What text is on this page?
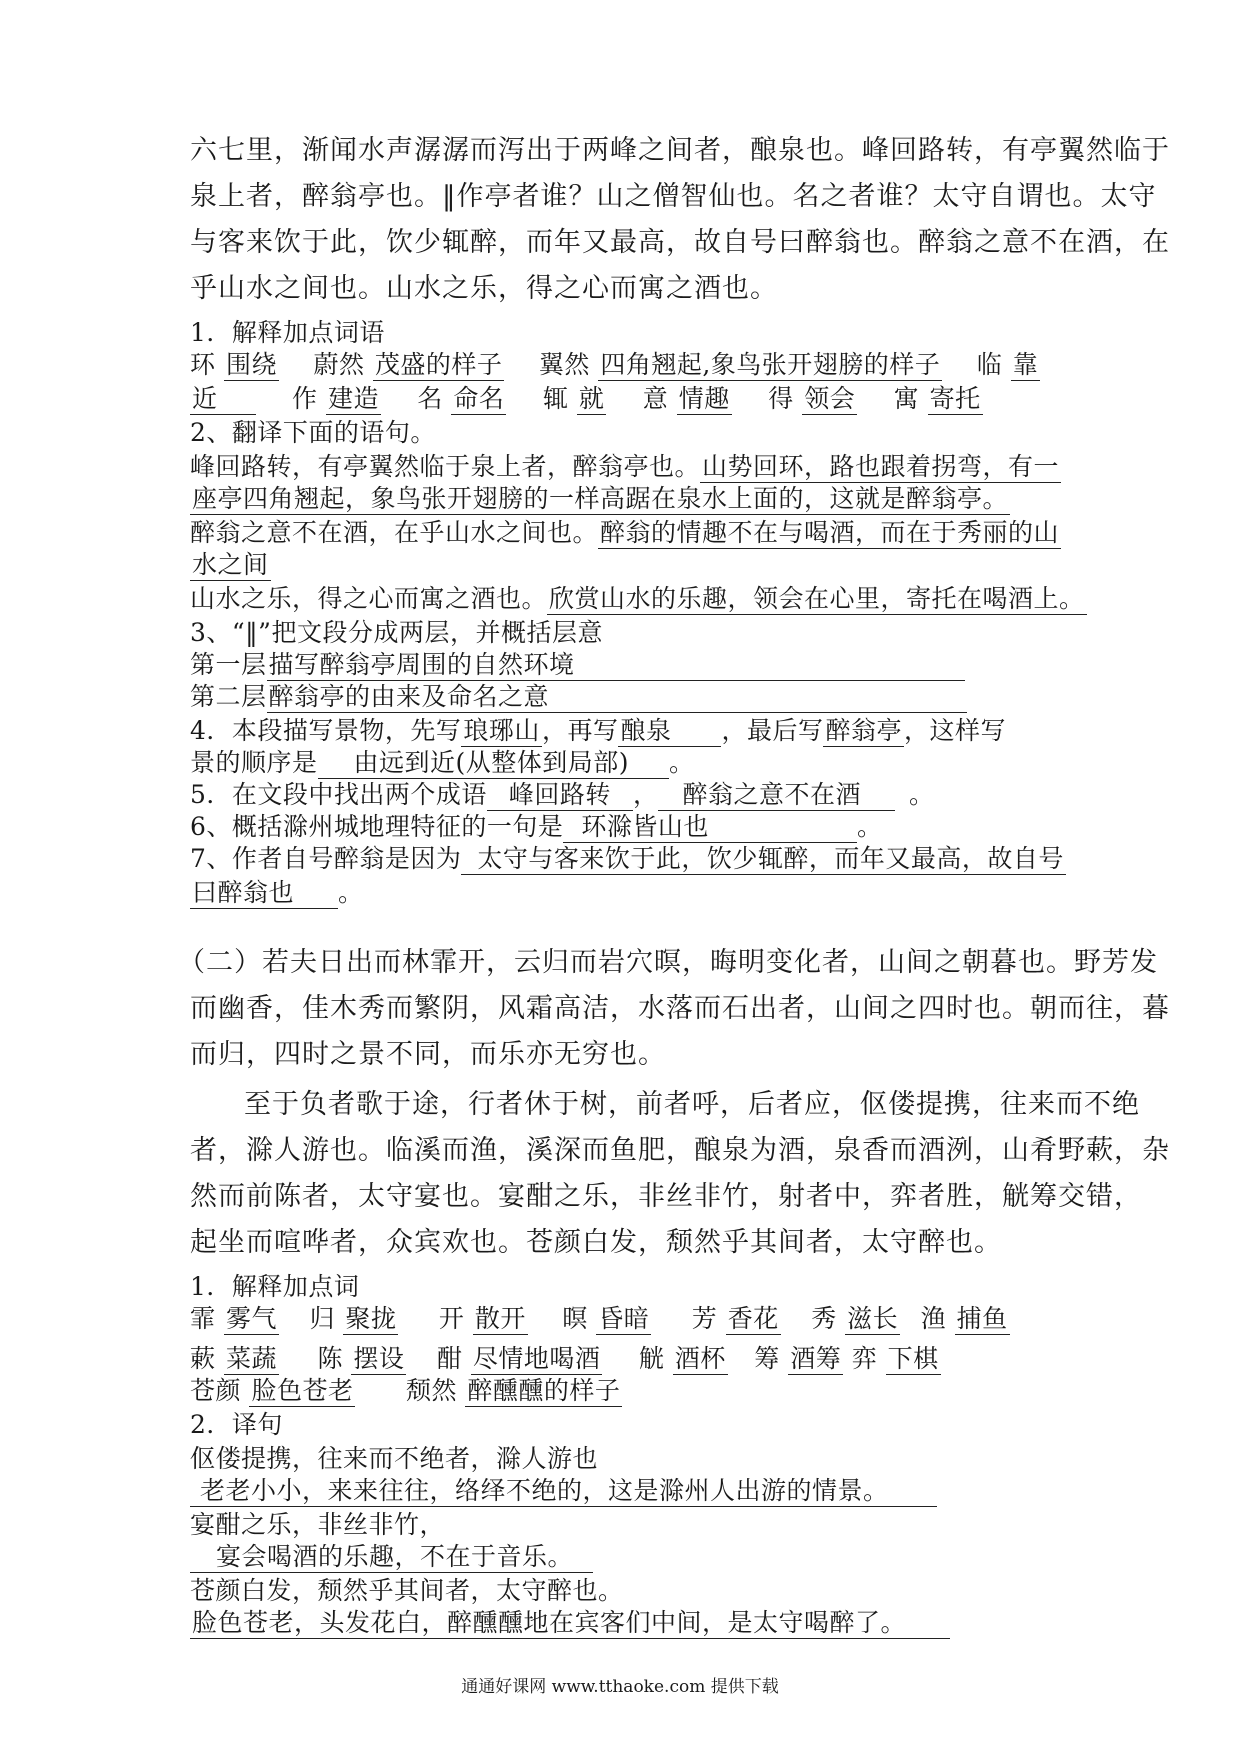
六七里，渐闻水声潺潺而泻出于两峰之间者，酿泉也。峰回路转，有亭翼然临于
泉上者，醉翁亭也。‖作亭者谁？山之僧智仙也。名之者谁？太守自谓也。太守
与客来饮于此，饮少辄醉，而年又最高，故自号曰醉翁也。醉翁之意不在酒，在
乎山水之间也。山水之乐，得之心而寓之酒也。
1．解释加点词语
环 围绕 蔚然 茂盛的样子 翼然 四角翘起,象鸟张开翅膀的样子 临 靠
近	作 建造 名 命名 辄 就 意 情趣 得 领会 寓 寄托
2、翻译下面的语句。
峰回路转，有亭翼然临于泉上者，醉翁亭也。山势回环，路也跟着拐弯，有一
座亭四角翘起，象鸟张开翅膀的一样高踞在泉水上面的，这就是醉翁亭。
醉翁之意不在酒，在乎山水之间也。醉翁的情趣不在与喝酒，而在于秀丽的山
水之间
山水之乐，得之心而寓之酒也。欣赏山水的乐趣，领会在心里，寄托在喝酒上。
3、“‖”把文段分成两层，并概括层意
第一层描写醉翁亭周围的自然环境
第二层醉翁亭的由来及命名之意
4．本段描写景物，先写琅琊山，再写酿泉 ，最后写醉翁亭，这样写
景的顺序是 由远到近(从整体到局部) 。
5．在文段中找出两个成语 峰回路转 ， 醉翁之意不在酒 。
6、概括滁州城地理特征的一句是 环滁皆山也	。
7、作者自号醉翁是因为 太守与客来饮于此，饮少辄醉，而年又最高，故自号
曰醉翁也 。
（二）若夫日出而林霏开，云归而岩穴暝，晦明变化者，山间之朝暮也。野芳发
而幽香，佳木秀而繁阴，风霜高洁，水落而石出者，山间之四时也。朝而往，暮
而归，四时之景不同，而乐亦无穷也。
至于负者歌于途，行者休于树，前者呼，后者应，伛偻提携，往来而不绝
者，滁人游也。临溪而渔，溪深而鱼肥，酿泉为酒，泉香而酒洌，山肴野蔌，杂
然而前陈者，太守宴也。宴酣之乐，非丝非竹，射者中，弈者胜，觥筹交错，
起坐而喧哗者，众宾欢也。苍颜白发，颓然乎其间者，太守醉也。
1．解释加点词
霏 雾气 归 聚拢 开 散开 暝 昏暗 芳 香花 秀 滋长 渔 捕鱼
蔌 菜蔬 陈 摆设 酣 尽情地喝酒 觥 酒杯 筹 酒筹 弈 下棋
苍颜 脸色苍老 颓然 醉醺醺的样子
2．译句
伛偻提携，往来而不绝者，滁人游也
老老小小，来来往往，络绎不绝的，这是滁州人出游的情景。
宴酣之乐，非丝非竹，
宴会喝酒的乐趣，不在于音乐。
苍颜白发，颓然乎其间者，太守醉也。
脸色苍老，头发花白，醉醺醺地在宾客们中间，是太守喝醉了。
通通好课网 www.tthaoke.com 提供下载
